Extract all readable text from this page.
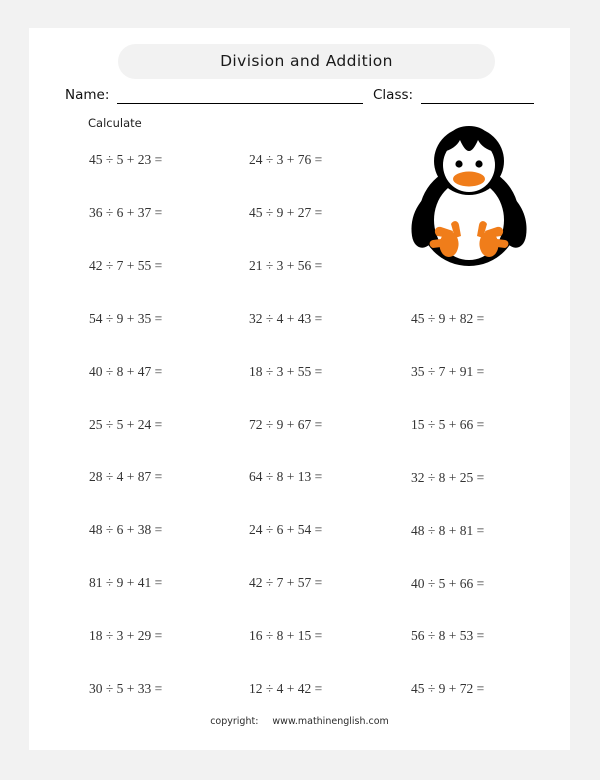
Division and Addition
Name:	Class:
Calculate
45 ÷ 5 + 23 =
36 ÷ 6 + 37 =
42 ÷ 7 + 55 =
54 ÷ 9 + 35 =
40 ÷ 8 + 47 =
25 ÷ 5 + 24 =
28 ÷ 4 + 87 =
48 ÷ 6 + 38 =
81 ÷ 9 + 41 =
18 ÷ 3 + 29 =
30 ÷ 5 + 33 =
24 ÷ 3 + 76 =
45 ÷ 9 + 27 =
21 ÷ 3 + 56 =
32 ÷ 4 + 43 =
18 ÷ 3 + 55 =
72 ÷ 9 + 67 =
64 ÷ 8 + 13 =
24 ÷ 6 + 54 =
42 ÷ 7 + 57 =
16 ÷ 8 + 15 =
12 ÷ 4 + 42 =
45 ÷ 9 + 82 =
35 ÷ 7 + 91 =
15 ÷ 5 + 66 =
32 ÷ 8 + 25 =
48 ÷ 8 + 81 =
40 ÷ 5 + 66 =
56 ÷ 8 + 53 =
45 ÷ 9 + 72 =
copyright: www.mathinenglish.com
